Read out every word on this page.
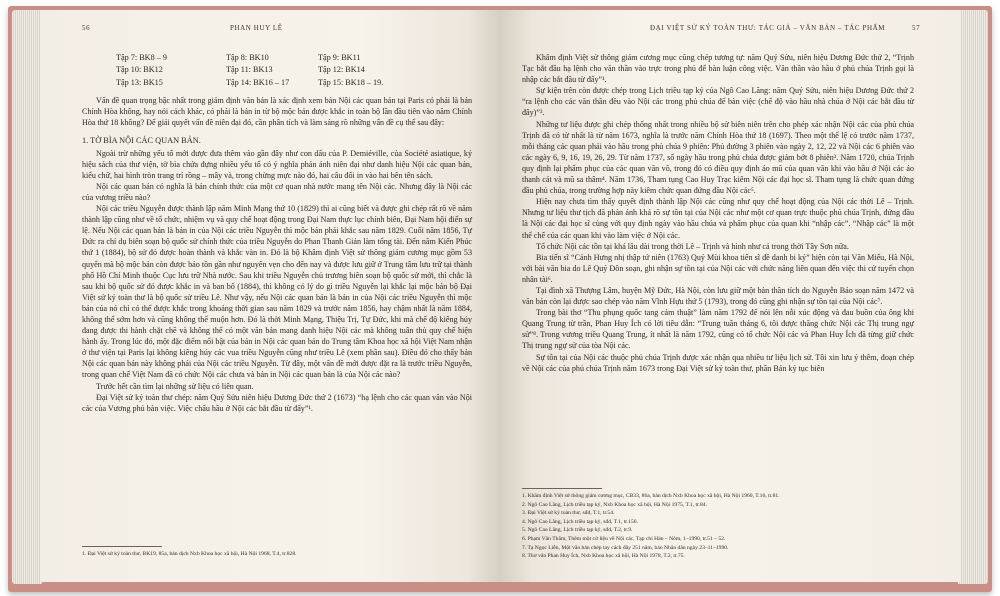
56	PHAN HUY LÊ
Tập 7: BK8 – 9	Tập 8: BK10	Tập 9: BK11
Tập 10: BK12	Tập 11: BK13	Tập 12: BK14
Tập 13: BK15	Tập 14: BK16 – 17	Tập 15: BK18 – 19.

Vấn đề quan trọng bậc nhất trong giám định văn bản là xác định xem bản Nội các quan bản tại Paris có phải là bản Chính Hòa không, hay nói cách khác, có phải là bản in từ bộ mộc bản được khắc in toàn bộ lần đầu tiên vào năm Chính Hòa thứ 18 không? Để giải quyết vấn đề niên đại đó, cần phân tích và làm sáng rõ những vấn đề cụ thể sau đây:

1. TỜ BÌA NỘI CÁC QUAN BẢN.

Ngoài trừ những yếu tố mới được đưa thêm vào gần đây như con dấu của P. Demiéville, của Société asiatique, ký hiệu sách của thư viện, tờ bìa chứa đựng nhiều yếu tố có ý nghĩa phản ánh niên đại như danh hiệu Nội các quan bản, kiểu chữ, hai hình tròn trang trí rồng – mây và, trong chừng mực nào đó, hai câu đối in vào hai bên tên sách.

Nội các quan bản có nghĩa là bản chính thức của một cơ quan nhà nước mang tên Nội các. Nhưng đây là Nội các của vương triều nào?

Nội các triều Nguyễn được thành lập năm Minh Mạng thứ 10 (1829) thì ai cũng biết và được ghi chép rất rõ về năm thành lập cũng như về tổ chức, nhiệm vụ và quy chế hoạt động trong Đại Nam thực lục chính biên, Đại Nam hội điển sự lệ. Nếu Nội các quan bản là bản in của Nội các triều Nguyễn thì mộc bản phải khắc sau năm 1829. Cuối năm 1856, Tự Đức ra chỉ dụ biên soạn bộ quốc sử chính thức của triều Nguyễn do Phan Thanh Giản làm tổng tài. Đến năm Kiến Phúc thứ 1 (1884), bộ sử đó được hoàn thành và khắc vàn in. Đó là bộ Khâm định Việt sử thông giám cương mục gồm 53 quyển mà bộ mộc bản còn được bảo tồn gần như nguyên vẹn cho đến nay và được lưu giữ ở Trung tâm lưu trữ tại thành phố Hồ Chí Minh thuộc Cục lưu trữ Nhà nước. Sau khi triều Nguyễn chủ trương biên soạn bộ quốc sử mới, thì chắc là sau khi bộ quốc sử đó được khắc in và ban bố (1884), thì không có lý do gì triều Nguyễn lại khắc lại mộc bản bộ Đại Việt sử ký toàn thư là bộ quốc sử triều Lê. Như vậy, nếu Nội các quan bản là bản in của Nội các triều Nguyễn thì mộc bản của nó chỉ có thể được khắc trong khoảng thời gian sau năm 1829 và trước năm 1856, hay chậm nhất là năm 1884, không thể sớm hơn và cũng không thể muộn hơn. Đó là thời Minh Mạng, Thiệu Trị, Tự Đức, khi mà chế độ kiêng húy đang được thi hành chặt chẽ và không thể có một văn bản mang danh hiệu Nội các mà không tuân thủ quy chế hiện hành ấy. Trong lúc đó, một đặc điểm nổi bật của bản in Nội các quan bản do Trung tâm Khoa học xã hội Việt Nam nhận ở thư viện tại Paris lại không kiêng húy các vua triều Nguyễn cũng như triều Lê (xem phần sau). Điều đó cho thấy bản Nội các quan bản này không phải của Nội các triều Nguyễn. Từ đây, một vấn đề mới được đặt ra là trước triều Nguyễn, trong quan chế Việt Nam đã có chức Nội các chưa và bản in Nội các quan bản là của Nội các nào?

Trước hết cần tìm lại những sử liệu có liên quan.

Đại Việt sử ký toàn thư chép: năm Quý Sửu niên hiệu Dương Đức thứ 2 (1673) “hạ lệnh cho các quan văn vào Nội các của Vương phủ bàn việc. Việc chấu hầu ở Nội các bắt đầu từ đấy”¹.

1. Đại Việt sử ký toàn thư, BK19, 85a, bản dịch Nxb Khoa học xã hội, Hà Nội 1968, T.4, tr.828.
ĐẠI VIỆT SỬ KÝ TOÀN THƯ: TÁC GIẢ – VĂN BẢN – TÁC PHẨM	57

Khâm định Việt sử thông giám cương mục cũng chép tương tự: năm Quý Sửu, niên hiệu Dương Đức thứ 2, “Trịnh Tạc bắt đầu hạ lệnh cho văn thần vào trực trong phủ để bàn luận công việc. Văn thần vào hầu ở phủ chúa Trịnh gọi là nhập các bắt đầu từ đấy”¹.

Sự kiện trên còn được chép trong Lịch triều tạp kỷ của Ngô Cao Lãng: năm Quý Sửu, niên hiệu Dương Đức thứ 2 “ra lệnh cho các văn thần đều vào Nội các trong phủ chúa để bàn việc (chế độ vào hầu nhà chúa ở Nội các bắt đầu từ đây)”².

Những tư liệu được ghi chép thống nhất trong nhiều bộ sử biên niên trên cho phép xác nhận Nội các của phủ chúa Trịnh đã có từ nhất là từ năm 1673, nghĩa là trước năm Chính Hòa thứ 18 (1697). Theo một thể lệ có trước năm 1737, mỗi tháng các quan phải vào hầu trong phủ chúa 9 phiên: Phủ đường 3 phiên vào ngày 2, 12, 22 và Nội các 6 phiên vào các ngày 6, 9, 16, 19, 26, 29. Từ năm 1737, số ngày hầu trong phủ chúa được giảm bớt 8 phiên³. Năm 1720, chúa Trịnh quy định lại phẩm phục của các quan văn võ, trong đó có điều quy định áo mũ của quan văn khi vào hầu ở Nội các áo thanh cát và mũ sa thâm⁴. Năm 1736, Tham tụng Cao Huy Trạc kiêm Nội các đại học sĩ. Tham tụng là chức quan đứng đầu phủ chúa, trong trường hợp này kiêm chức quan đứng đầu Nội các⁵.

Hiện nay chưa tìm thấy quyết định thành lập Nội các cũng như quy chế hoạt động của Nội các thời Lê – Trịnh. Nhưng tư liệu thư tịch đã phản ánh khá rõ sự tồn tại của Nội các như một cơ quan trực thuộc phủ chúa Trịnh, đứng đầu là Nội các đại học sĩ cùng với quy định ngày vào hầu chúa và phẩm phục của quan khi “nhập các”. “Nhập các” là một thể chế của các quan khi vào làm việc ở Nội các.

Tổ chức Nội các tồn tại khá lâu dài trong thời Lê – Trịnh và hình như cả trong thời Tây Sơn nữa.

Bia tiến sĩ “Cảnh Hưng nhị thập tứ niên (1763) Quý Mùi khoa tiến sĩ đề danh bi ký” hiện còn tại Văn Miếu, Hà Nội, với bài văn bia do Lê Quý Đôn soạn, ghi nhận sự tồn tại của Nội các với chức năng liên quan đến việc thi cử tuyển chọn nhân tài⁶.

Tại đình xã Thượng Lâm, huyện Mỹ Đức, Hà Nội, còn lưu giữ một bản thần tích do Nguyễn Bảo soạn năm 1472 và văn bản còn lại được sao chép vào năm Vĩnh Hựu thứ 5 (1793), trong đó cũng ghi nhận sự tồn tại của Nội các⁷.

Trong bài thơ “Thu phụng quốc tang cảm thuật” làm năm 1792 để nói lên nỗi xúc động và đau buồn của ông khi Quang Trung từ trần, Phan Huy Ích có lời tiêu dẫn: “Trung tuần tháng 6, tôi được thăng chức Nội các Thị trung ngự sử”⁸. Trong vương triều Quang Trung, ít nhất là năm 1792, cũng có tổ chức Nội các và Phan Huy Ích đã từng giữ chức Thị trung ngự sử của tòa Nội các.

Sự tồn tại của Nội các thuộc phủ chúa Trịnh được xác nhận qua nhiều tư liệu lịch sử. Tôi xin lưu ý thêm, đoạn chép về Nội các của phủ chúa Trịnh năm 1673 trong Đại Việt sử ký toàn thư, phần Bản kỷ tục biên

1. Khâm định Việt sử thông giám cương mục, CB33, 86a, bản dịch Nxb Khoa học xã hội, Hà Nội 1960, T.16, tr.81.
2. Ngô Cao Lãng, Lịch triều tạp kỷ, Nxb Khoa học xã hội, Hà Nội 1975, T.1, tr.84.
3. Đại Việt sử ký toàn thư, sđd, T.1, tr.54.
4. Ngô Cao Lãng, Lịch triều tạp kỷ, sđd, T.1, tr.156.
5. Ngô Cao Lãng, Lịch triều tạp kỷ, sđd, T.2, tr.9.
6. Phạm Văn Thắm, Thêm một cứ liệu về Nội các, Tạp chí Hán – Nôm, 1–1990, tr.51 – 52.
7. Tạ Ngọc Liễn, Một văn bản chép tay cách đây 251 năm, báo Nhân dân ngày 23–11–1990.
8. Thơ văn Phan Huy Ích, Nxb Khoa học xã hội, Hà Nội 1978, T.2, tr.75.
